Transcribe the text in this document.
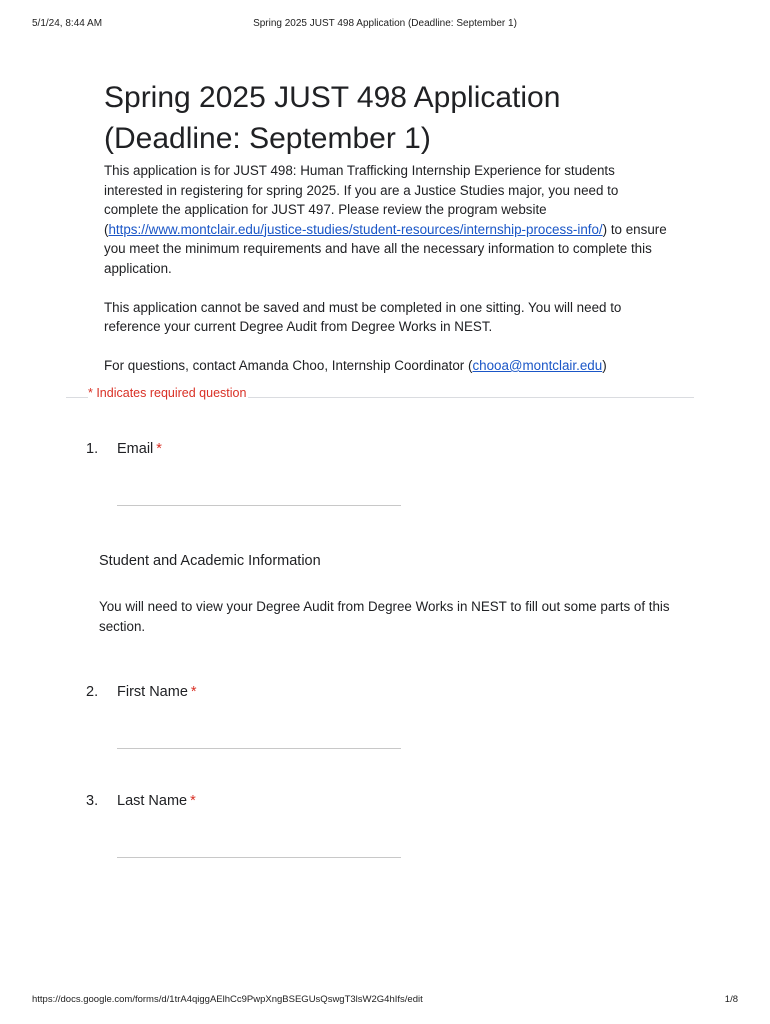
5/1/24, 8:44 AM	Spring 2025 JUST 498 Application (Deadline: September 1)
Spring 2025 JUST 498 Application (Deadline: September 1)

This application is for JUST 498: Human Trafficking Internship Experience for students interested in registering for spring 2025. If you are a Justice Studies major, you need to complete the application for JUST 497. Please review the program website (https://www.montclair.edu/justice-studies/student-resources/internship-process-info/) to ensure you meet the minimum requirements and have all the necessary information to complete this application.

This application cannot be saved and must be completed in one sitting. You will need to reference your current Degree Audit from Degree Works in NEST.

For questions, contact Amanda Choo, Internship Coordinator (chooa@montclair.edu)

* Indicates required question
1. Email *
Student and Academic Information
You will need to view your Degree Audit from Degree Works in NEST to fill out some parts of this section.
2. First Name *
3. Last Name *
https://docs.google.com/forms/d/1trA4qiggAElhCc9PwpXngBSEGUsQswgT3lsW2G4hIfs/edit	1/8
